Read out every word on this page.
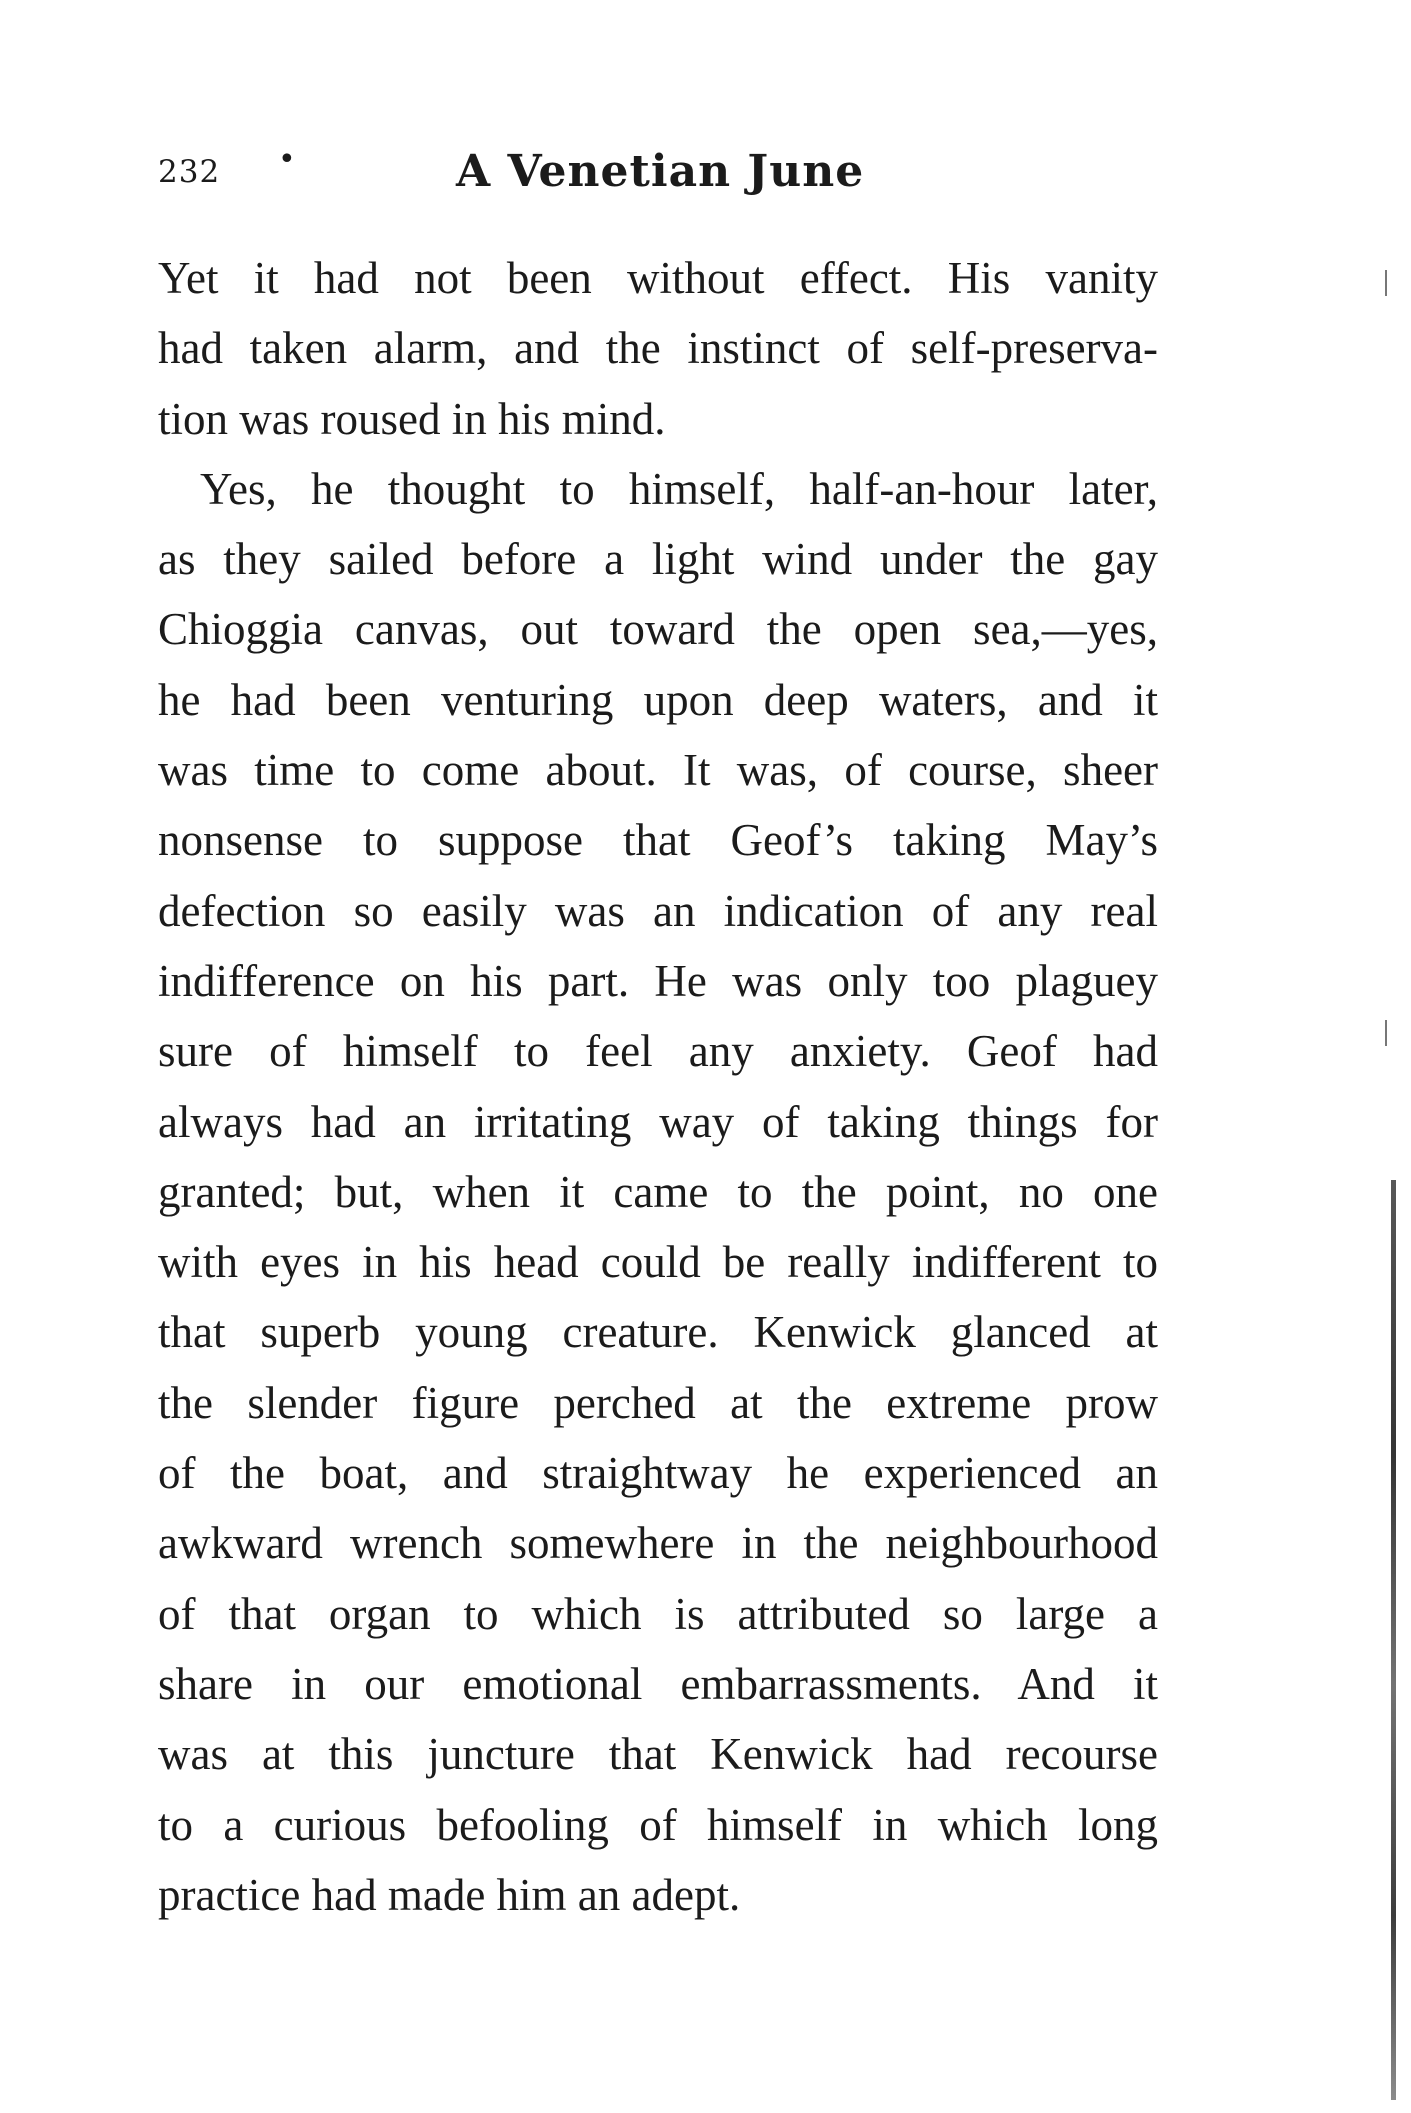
232 •	A Venetian June

Yet it had not been without effect. His vanity

had taken alarm, and the instinct of self-preserva-

tion was roused in his mind.

Yes, he thought to himself, half-an-hour later,

as they sailed before a light wind under the gay

Chioggia canvas, out toward the open sea,—yes,

he had been venturing upon deep waters, and it

was time to come about. It was, of course, sheer

nonsense to suppose that Geof’s taking May’s

defection so easily was an indication of any real

indifference on his part. He was only too plaguey

sure of himself to feel any anxiety. Geof had

always had an irritating way of taking things for

granted; but, when it came to the point, no one

with eyes in his head could be really indifferent to

that superb young creature. Kenwick glanced at

the slender figure perched at the extreme prow

of the boat, and straightway he experienced an

awkward wrench somewhere in the neighbourhood

of that organ to which is attributed so large a

share in our emotional embarrassments. And it

was at this juncture that Kenwick had recourse

to a curious befooling of himself in which long

practice had made him an adept.
